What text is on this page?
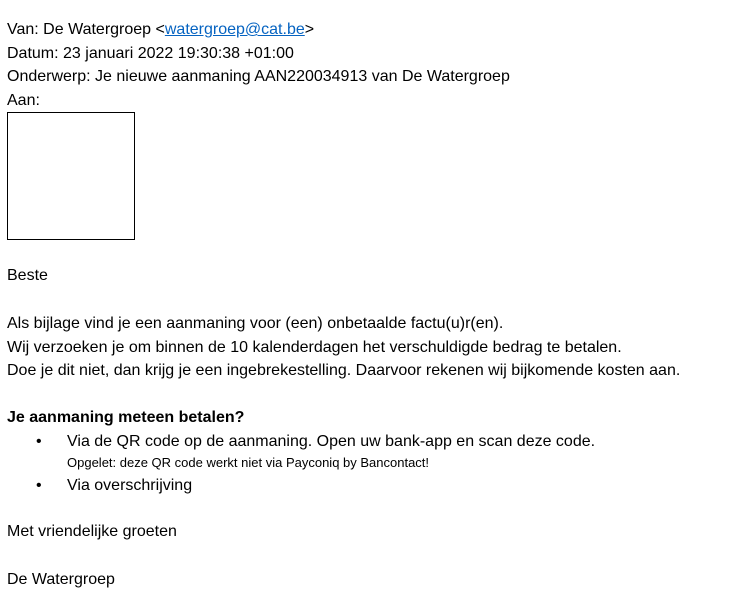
Van: De Watergroep <watergroep@cat.be>
Datum: 23 januari 2022 19:30:38 +01:00
Onderwerp: Je nieuwe aanmaning AAN220034913 van De Watergroep
Aan:
Beste
Als bijlage vind je een aanmaning voor (een) onbetaalde factu(u)r(en).
Wij verzoeken je om binnen de 10 kalenderdagen het verschuldigde bedrag te betalen.
Doe je dit niet, dan krijg je een ingebrekestelling. Daarvoor rekenen wij bijkomende kosten aan.
Je aanmaning meteen betalen?
• Via de QR code op de aanmaning. Open uw bank-app en scan deze code.
Opgelet: deze QR code werkt niet via Payconiq by Bancontact!
• Via overschrijving
Met vriendelijke groeten
De Watergroep
